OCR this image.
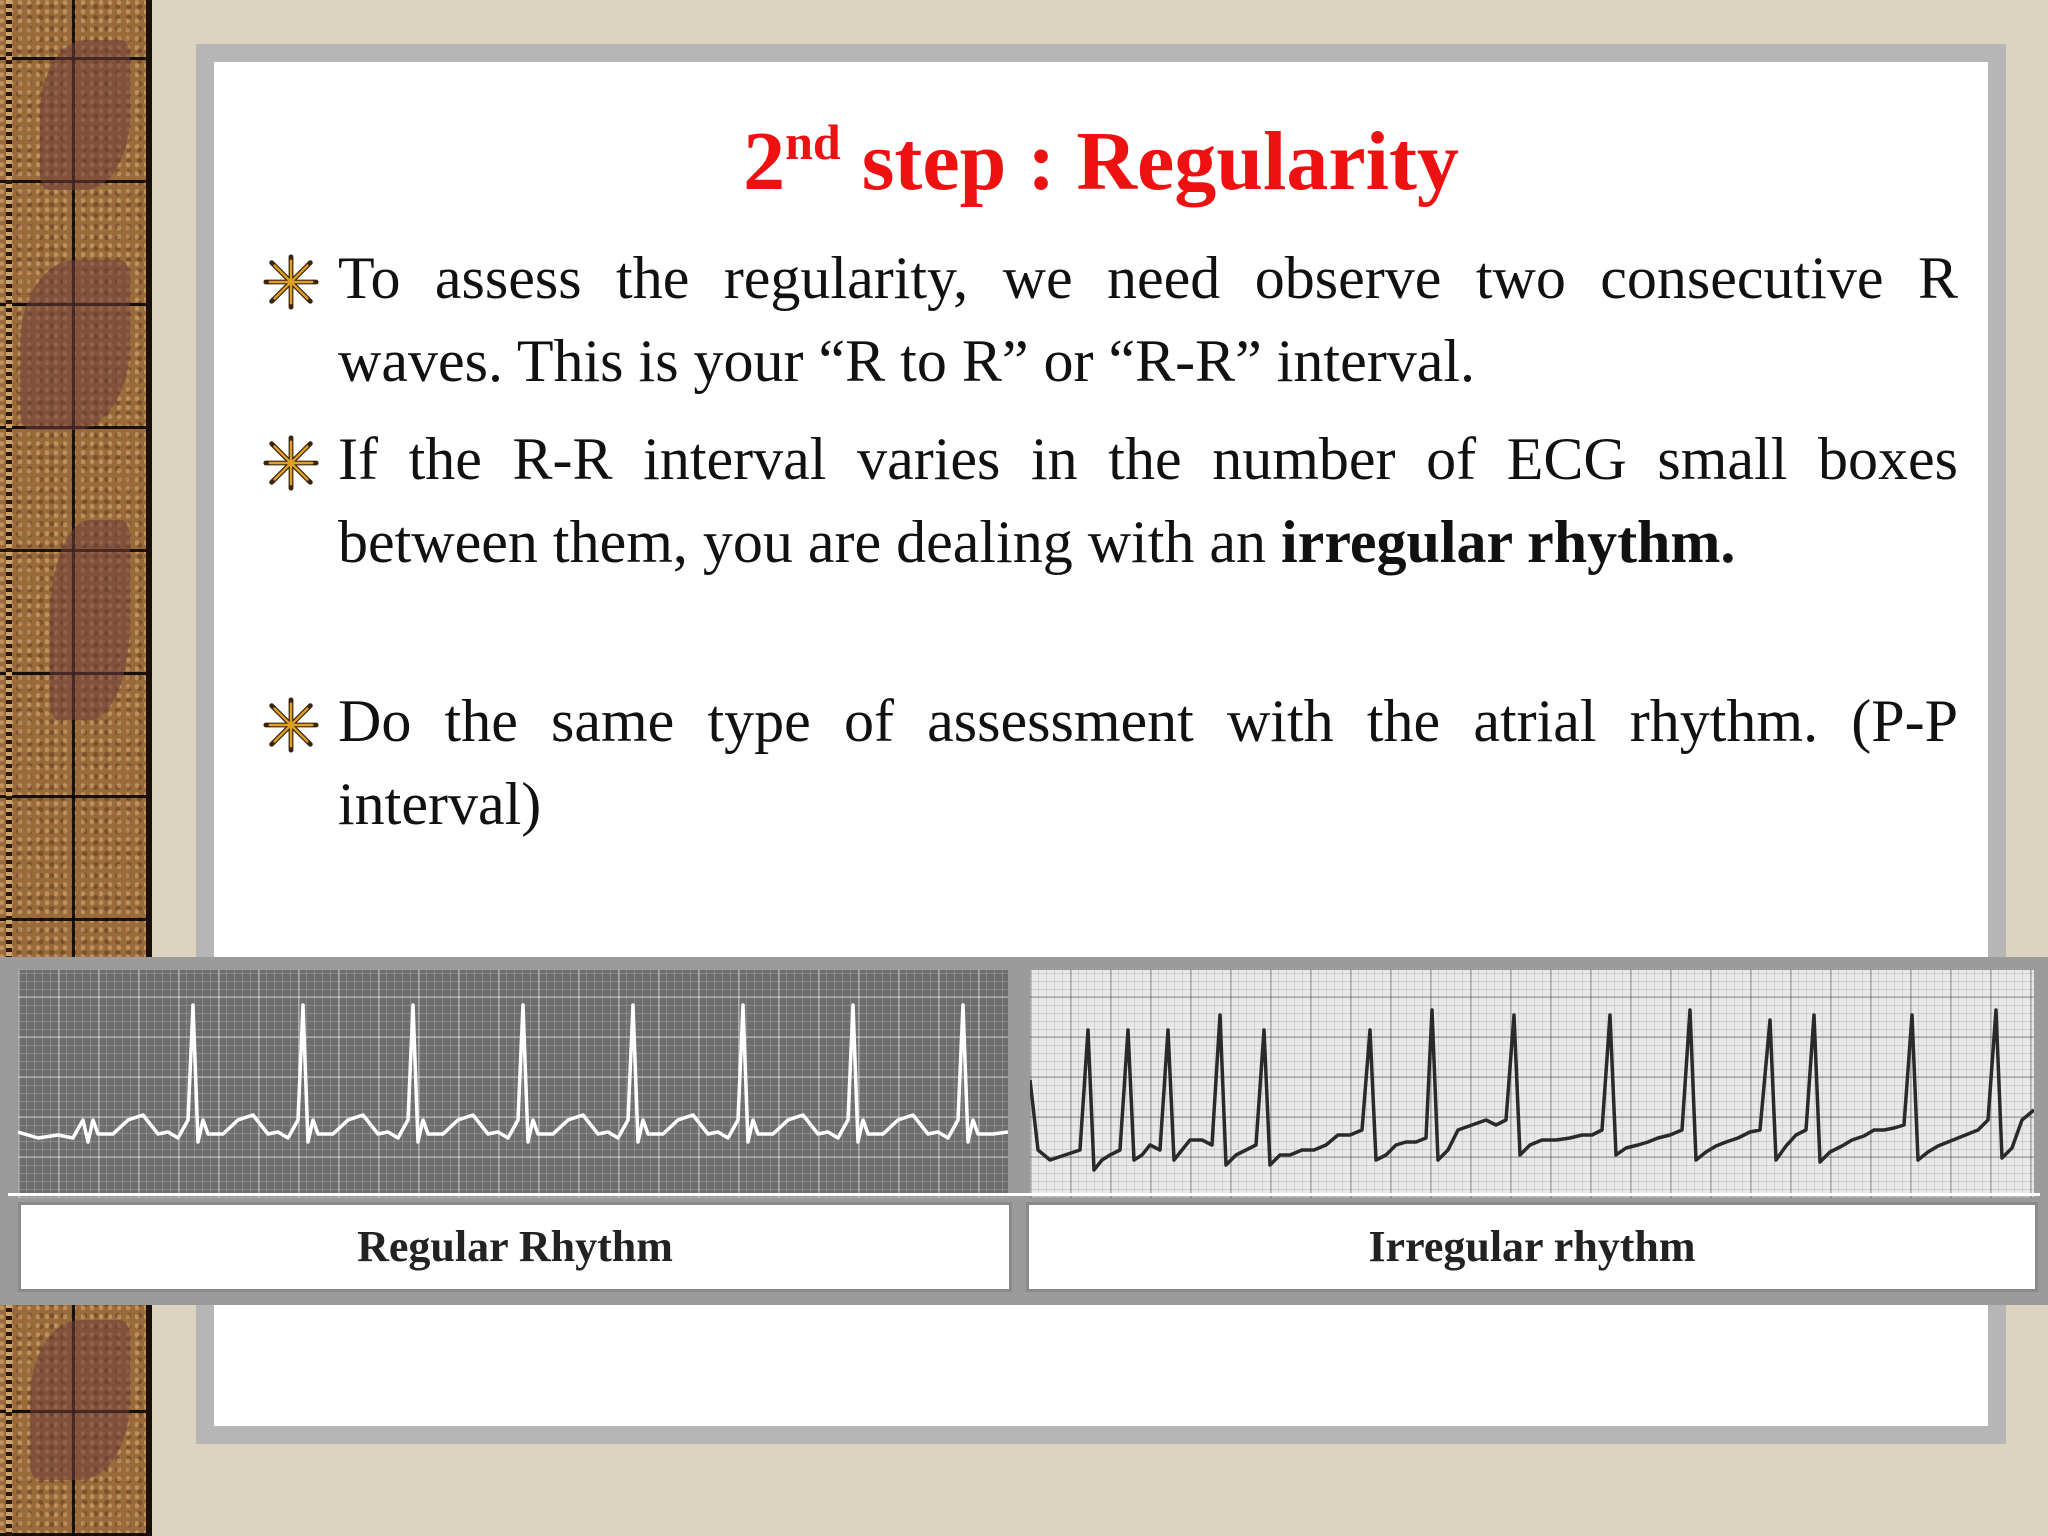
2nd step : Regularity
To assess the regularity, we need observe two consecutive R waves. This is your “R to R” or “R-R” interval.
If the R-R interval varies in the number of ECG small boxes between them, you are dealing with an irregular rhythm.
Do the same type of assessment with the atrial rhythm. (P-P interval)
Regular Rhythm	Irregular rhythm
